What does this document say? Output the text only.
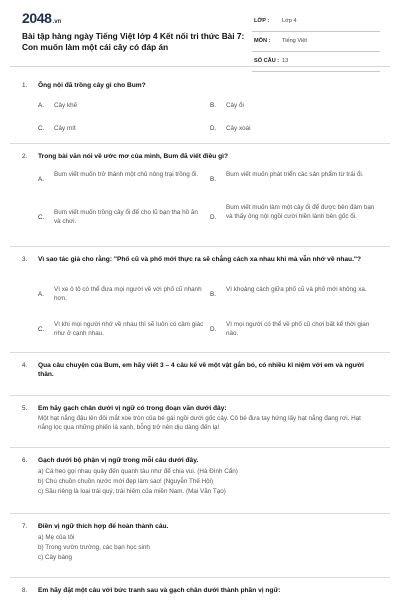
2048 .vn
Bài tập hàng ngày Tiếng Việt lớp 4 Kết nối tri thức Bài 7: Con muốn làm một cái cây có đáp án
LỚP : Lớp 4
MÔN : Tiếng Việt
SỐ CÂU : 13
1. Ông nội đã trồng cây gì cho Bum?
A. Cây khế	B. Cây ổi
C. Cây mít	D. Cây xoài
2. Trong bài văn nói về ước mơ của mình, Bum đã viết điều gì?
A.
Bum viết muốn trở thành một chủ nông trại trồng ổi.
B.
Bum viết muốn phát triển các sản phẩm từ trái ổi.
C.
Bum viết muốn trồng cây ổi để cho lũ bạn tha hồ ăn và chơi.
D.
Bum viết muốn làm một cây ổi để được bên đám bạn và thấy ông nội ngồi cười hiền lành bên gốc ổi.
3. Vì sao tác giả cho rằng: "Phố cũ và phố mới thực ra sẽ chẳng cách xa nhau khi mà vẫn nhớ về nhau."?
A.
Vì xe ô tô có thể đưa mọi người về với phố cũ nhanh hơn.
B.
Vì khoảng cách giữa phố cũ và phố mới không xa.
C.
Vì khi mọi người nhớ về nhau thì sẽ luôn có cảm giác như ở cạnh nhau.
D.
Vì mọi người có thể về phố cũ chơi bất kể thời gian nào.
4. Qua câu chuyện của Bum, em hãy viết 3 – 4 câu kể về một vật gắn bó, có nhiều kỉ niệm với em và người thân.
5. Em hãy gạch chân dưới vị ngữ có trong đoạn văn dưới đây:
Một hạt nắng đậu lên đôi mắt xoe tròn của bé gái ngồi dưới gốc cây. Cô bé đưa tay hứng lấy hạt nắng đang rơi. Hạt nắng lọc qua những phiến lá xanh, bỗng trở nên dịu dàng đến lạ!
6. Gạch dưới bộ phận vị ngữ trong mỗi câu dưới đây.
a) Cá heo gọi nhau quây đến quanh tàu như để chia vui. (Hà Đình Cẩn)
b) Chú chuồn chuồn nước mới đẹp làm sao! (Nguyễn Thế Hội)
c) Sầu riêng là loại trái quý, trái hiếm của miền Nam. (Mai Văn Tạo)
7. Điền vị ngữ thích hợp để hoàn thành câu.
a) Mẹ của tôi
b) Trong vườn trường, các bạn học sinh
c) Cây bàng
8. Em hãy đặt một câu với bức tranh sau và gạch chân dưới thành phần vị ngữ:
